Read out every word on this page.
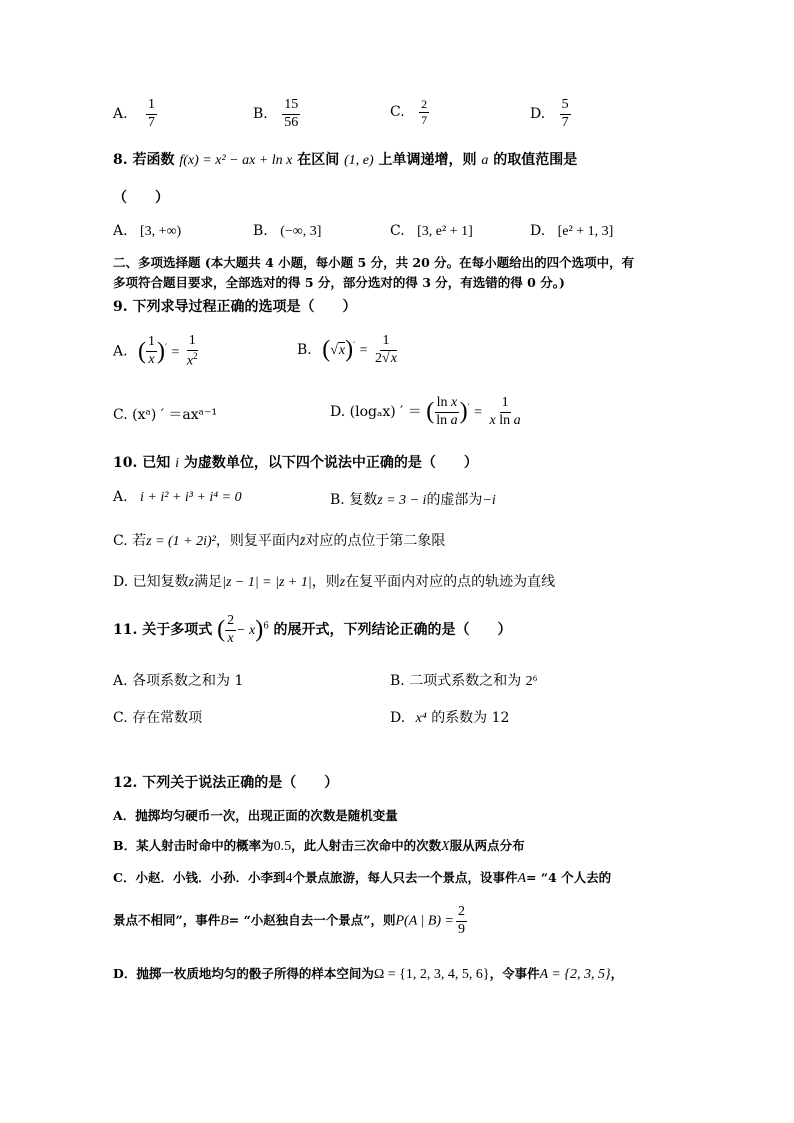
A. $\frac{1}{7}$	B. $\frac{15}{56}$	C. $\frac{2}{7}$	D. $\frac{5}{7}$
8. 若函数 f(x) = x² − ax + ln x 在区间 (1, e) 上单调递增，则 a 的取值范围是
（　　）
A. [3, +∞)	B. (−∞, 3]	C. [3, e² + 1]	D. [e² + 1, 3]
二、多项选择题 (本大题共 4 小题，每小题 5 分，共 20 分。在每小题给出的四个选项中，有
多项符合题目要求，全部选对的得 5 分，部分选对的得 3 分，有选错的得 0 分。)
9. 下列求导过程正确的选项是（　　）
A. ( $\frac{1}{x} )' = \frac{1}{x^2}$	B. $(√x)' = \frac{1}{2√x}$
C. (xᵃ) ′ ＝axᵃ⁻¹	D. (logₐx) ′ ＝ ( $\frac{\text{ln x}}{\text{ln a}} )' = \frac{1}{\text{x ln a}}$
10. 已知 i 为虚数单位，以下四个说法中正确的是（　　）
A. i + i² + i³ + i⁴ = 0	B. 复数z = 3 − i的虚部为−i
C. 若z = (1 + 2i)²，则复平面内z̄对应的点位于第二象限
D. 已知复数z满足|z − 1| = |z + 1|，则z在复平面内对应的点的轨迹为直线
11. 关于多项式 ( $\frac{2}{x} - x)^6$ 的展开式，下列结论正确的是（　　）
A. 各项系数之和为 1	B. 二项式系数之和为 2⁶
C. 存在常数项	D. x⁴ 的系数为 12
12. 下列关于说法正确的是（　　）
A．抛掷均匀硬币一次，出现正面的次数是随机变量
B．某人射击时命中的概率为0.5，此人射击三次命中的次数X服从两点分布
C．小赵．小钱．小孙．小李到4个景点旅游，每人只去一个景点，设事件A= “4 个人去的
景点不相同”，事件B= “小赵独自去一个景点”，则P(A | $B) = \frac{2}{9}$
D．抛掷一枚质地均匀的骰子所得的样本空间为Ω = {1, 2, 3, 4, 5, 6}，令事件A = {2, 3, 5}，
